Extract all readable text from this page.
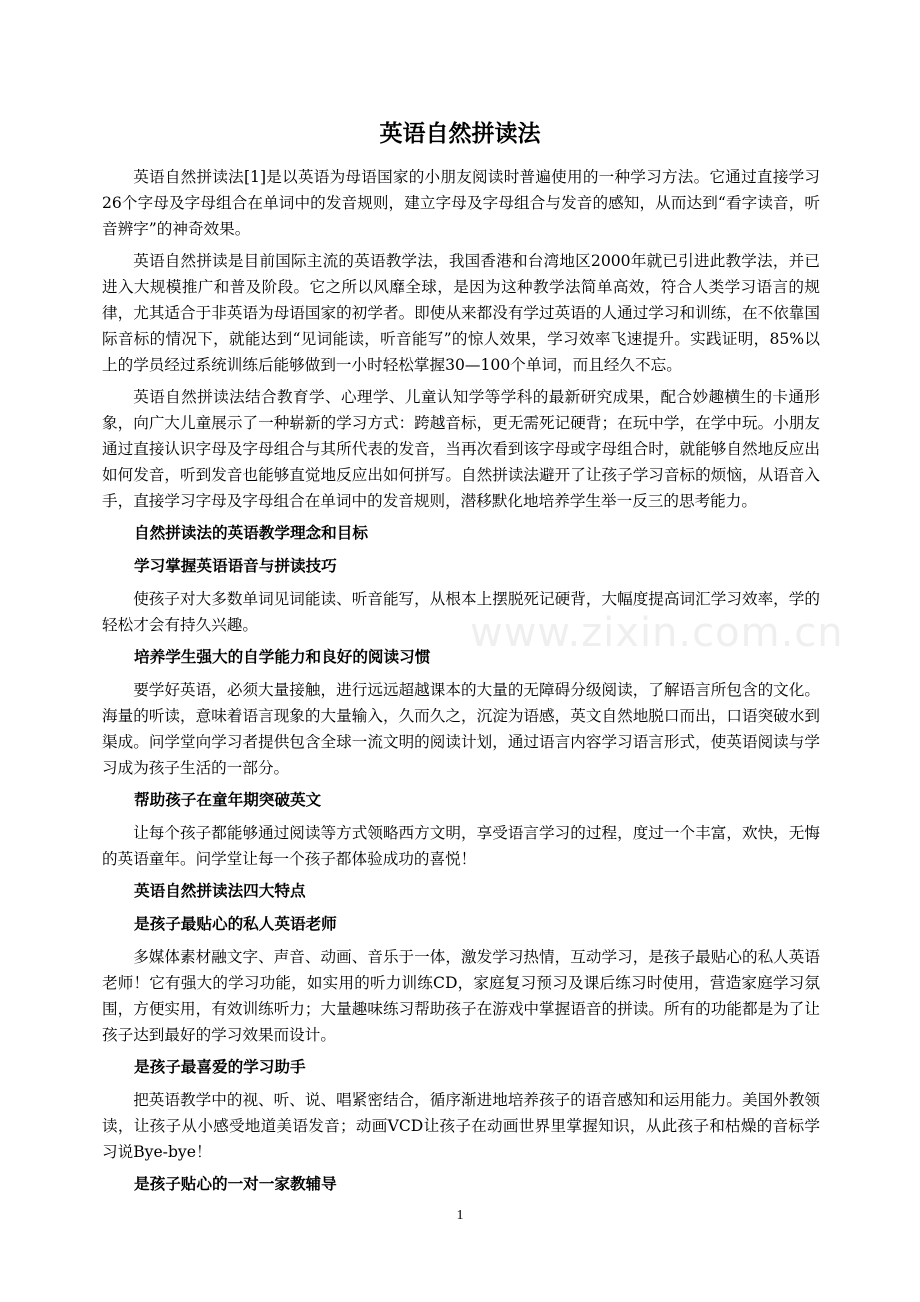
英语自然拼读法

英语自然拼读法[1]是以英语为母语国家的小朋友阅读时普遍使用的一种学习方法。它通过直接学习26个字母及字母组合在单词中的发音规则，建立字母及字母组合与发音的感知，从而达到“看字读音，听音辨字”的神奇效果。

英语自然拼读是目前国际主流的英语教学法，我国香港和台湾地区2000年就已引进此教学法，并已进入大规模推广和普及阶段。它之所以风靡全球，是因为这种教学法简单高效，符合人类学习语言的规律，尤其适合于非英语为母语国家的初学者。即使从来都没有学过英语的人通过学习和训练，在不依靠国际音标的情况下，就能达到“见词能读，听音能写”的惊人效果，学习效率飞速提升。实践证明，85%以上的学员经过系统训练后能够做到一小时轻松掌握30—100个单词，而且经久不忘。

英语自然拼读法结合教育学、心理学、儿童认知学等学科的最新研究成果，配合妙趣横生的卡通形象，向广大儿童展示了一种崭新的学习方式：跨越音标，更无需死记硬背；在玩中学，在学中玩。小朋友通过直接认识字母及字母组合与其所代表的发音，当再次看到该字母或字母组合时，就能够自然地反应出如何发音，听到发音也能够直觉地反应出如何拼写。自然拼读法避开了让孩子学习音标的烦恼，从语音入手，直接学习字母及字母组合在单词中的发音规则，潜移默化地培养学生举一反三的思考能力。

自然拼读法的英语教学理念和目标
学习掌握英语语音与拼读技巧

使孩子对大多数单词见词能读、听音能写，从根本上摆脱死记硬背，大幅度提高词汇学习效率，学的轻松才会有持久兴趣。

培养学生强大的自学能力和良好的阅读习惯

要学好英语，必须大量接触，进行远远超越课本的大量的无障碍分级阅读，了解语言所包含的文化。海量的听读，意味着语言现象的大量输入，久而久之，沉淀为语感，英文自然地脱口而出，口语突破水到渠成。问学堂向学习者提供包含全球一流文明的阅读计划，通过语言内容学习语言形式，使英语阅读与学习成为孩子生活的一部分。

帮助孩子在童年期突破英文

让每个孩子都能够通过阅读等方式领略西方文明，享受语言学习的过程，度过一个丰富，欢快，无悔的英语童年。问学堂让每一个孩子都体验成功的喜悦！

英语自然拼读法四大特点
是孩子最贴心的私人英语老师

多媒体素材融文字、声音、动画、音乐于一体，激发学习热情，互动学习，是孩子最贴心的私人英语老师！它有强大的学习功能，如实用的听力训练CD，家庭复习预习及课后练习时使用，营造家庭学习氛围，方便实用，有效训练听力；大量趣味练习帮助孩子在游戏中掌握语音的拼读。所有的功能都是为了让孩子达到最好的学习效果而设计。

是孩子最喜爱的学习助手

把英语教学中的视、听、说、唱紧密结合，循序渐进地培养孩子的语音感知和运用能力。美国外教领读，让孩子从小感受地道美语发音；动画VCD让孩子在动画世界里掌握知识，从此孩子和枯燥的音标学习说Bye-bye！

是孩子贴心的一对一家教辅导
www.zixin.com.cn
1
